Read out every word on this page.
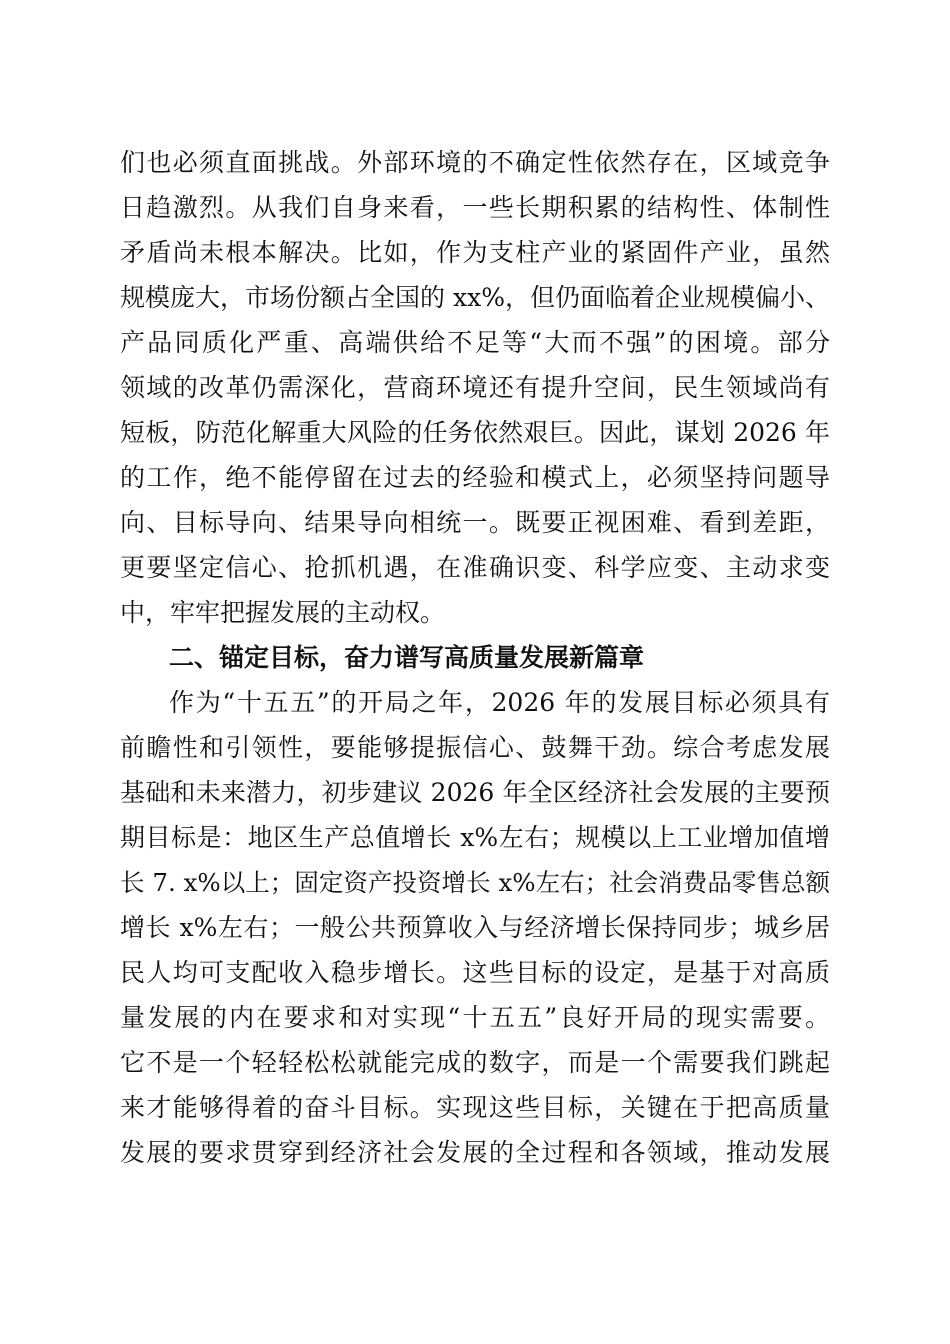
们也必须直面挑战。外部环境的不确定性依然存在，区域竞争
日趋激烈。从我们自身来看，一些长期积累的结构性、体制性
矛盾尚未根本解决。比如，作为支柱产业的紧固件产业，虽然
规模庞大，市场份额占全国的 xx%，但仍面临着企业规模偏小、
产品同质化严重、高端供给不足等“大而不强”的困境。部分
领域的改革仍需深化，营商环境还有提升空间，民生领域尚有
短板，防范化解重大风险的任务依然艰巨。因此，谋划 2026 年
的工作，绝不能停留在过去的经验和模式上，必须坚持问题导
向、目标导向、结果导向相统一。既要正视困难、看到差距，
更要坚定信心、抢抓机遇，在准确识变、科学应变、主动求变
中，牢牢把握发展的主动权。
二、锚定目标，奋力谱写高质量发展新篇章
作为“十五五”的开局之年，2026 年的发展目标必须具有
前瞻性和引领性，要能够提振信心、鼓舞干劲。综合考虑发展
基础和未来潜力，初步建议 2026 年全区经济社会发展的主要预
期目标是：地区生产总值增长 x%左右；规模以上工业增加值增
长 7. x%以上；固定资产投资增长 x%左右；社会消费品零售总额
增长 x%左右；一般公共预算收入与经济增长保持同步；城乡居
民人均可支配收入稳步增长。这些目标的设定，是基于对高质
量发展的内在要求和对实现“十五五”良好开局的现实需要。
它不是一个轻轻松松就能完成的数字，而是一个需要我们跳起
来才能够得着的奋斗目标。实现这些目标，关键在于把高质量
发展的要求贯穿到经济社会发展的全过程和各领域，推动发展
